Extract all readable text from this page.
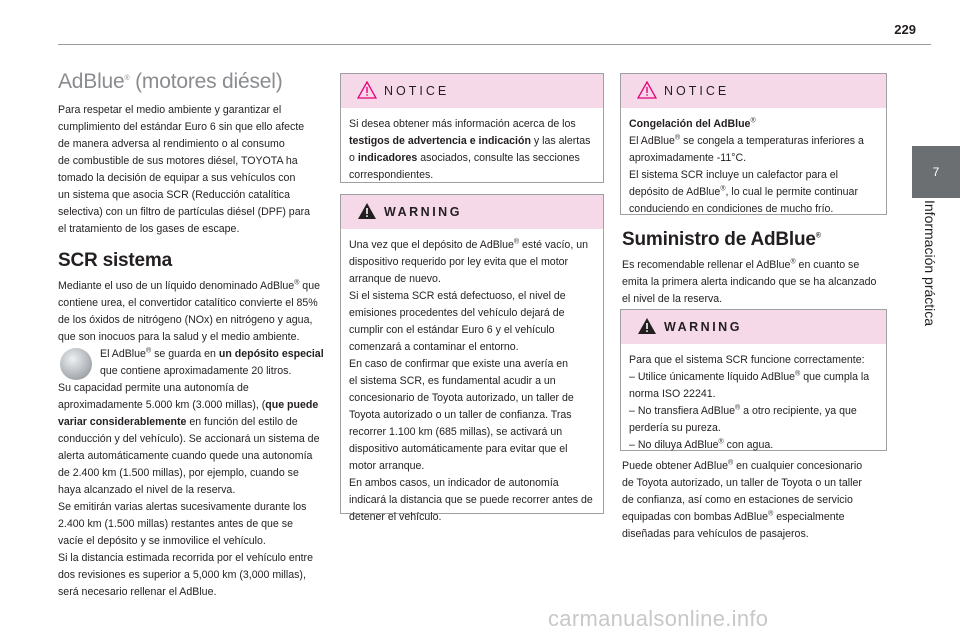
229
7
Información práctica
AdBlue® (motores diésel)

Para respetar el medio ambiente y garantizar el

cumplimiento del estándar Euro 6 sin que ello afecte

de manera adversa al rendimiento o al consumo

de combustible de sus motores diésel, TOYOTA ha

tomado la decisión de equipar a sus vehículos con

un sistema que asocia SCR (Reducción catalítica

selectiva) con un filtro de partículas diésel (DPF) para

el tratamiento de los gases de escape.

SCR sistema

Mediante el uso de un líquido denominado AdBlue® que

contiene urea, el convertidor catalítico convierte el 85%

de los óxidos de nitrógeno (NOx) en nitrógeno y agua,

que son inocuos para la salud y el medio ambiente.

El AdBlue® se guarda en un depósito especial

que contiene aproximadamente 20 litros.

Su capacidad permite una autonomía de

aproximadamente 5.000 km (3.000 millas), (que puede

variar considerablemente en función del estilo de

conducción y del vehículo). Se accionará un sistema de

alerta automáticamente cuando quede una autonomía

de 2.400 km (1.500 millas), por ejemplo, cuando se

haya alcanzado el nivel de la reserva.

Se emitirán varias alertas sucesivamente durante los

2.400 km (1.500 millas) restantes antes de que se

vacíe el depósito y se inmovilice el vehículo.

Si la distancia estimada recorrida por el vehículo entre

dos revisiones es superior a 5,000 km (3,000 millas),

será necesario rellenar el AdBlue.

NOTICE
Si desea obtener más información acerca de los
testigos de advertencia e indicación y las alertas
o indicadores asociados, consulte las secciones
correspondientes.
WARNING
Una vez que el depósito de AdBlue® esté vacío, un
dispositivo requerido por ley evita que el motor
arranque de nuevo.
Si el sistema SCR está defectuoso, el nivel de
emisiones procedentes del vehículo dejará de
cumplir con el estándar Euro 6 y el vehículo
comenzará a contaminar el entorno.
En caso de confirmar que existe una avería en
el sistema SCR, es fundamental acudir a un
concesionario de Toyota autorizado, un taller de
Toyota autorizado o un taller de confianza. Tras
recorrer 1.100 km (685 millas), se activará un
dispositivo automáticamente para evitar que el
motor arranque.
En ambos casos, un indicador de autonomía
indicará la distancia que se puede recorrer antes de
detener el vehículo.
NOTICE
Congelación del AdBlue®
El AdBlue® se congela a temperaturas inferiores a
aproximadamente -11°C.
El sistema SCR incluye un calefactor para el
depósito de AdBlue®, lo cual le permite continuar
conduciendo en condiciones de mucho frío.
Suministro de AdBlue®

Es recomendable rellenar el AdBlue® en cuanto se

emita la primera alerta indicando que se ha alcanzado

el nivel de la reserva.

WARNING
Para que el sistema SCR funcione correctamente:
– Utilice únicamente líquido AdBlue® que cumpla la
norma ISO 22241.
– No transfiera AdBlue® a otro recipiente, ya que
perdería su pureza.
– No diluya AdBlue® con agua.

Puede obtener AdBlue® en cualquier concesionario

de Toyota autorizado, un taller de Toyota o un taller

de confianza, así como en estaciones de servicio

equipadas con bombas AdBlue® especialmente

diseñadas para vehículos de pasajeros.

carmanualsonline.info
